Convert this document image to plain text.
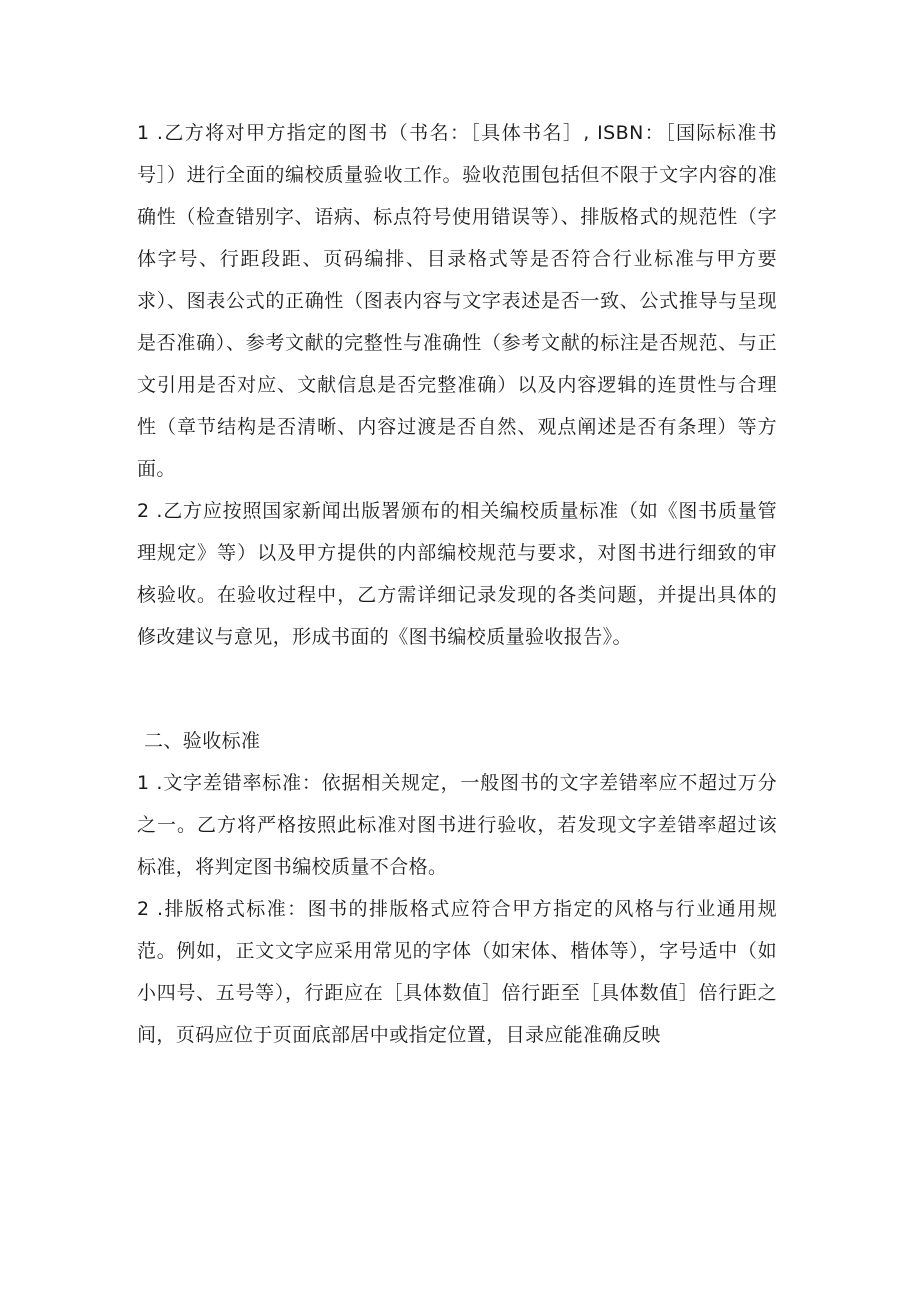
1 .乙方将对甲方指定的图书（书名：［具体书名］, ISBN：［国际标准书号］）进行全面的编校质量验收工作。验收范围包括但不限于文字内容的准确性（检查错别字、语病、标点符号使用错误等）、排版格式的规范性（字体字号、行距段距、页码编排、目录格式等是否符合行业标准与甲方要求）、图表公式的正确性（图表内容与文字表述是否一致、公式推导与呈现是否准确）、参考文献的完整性与准确性（参考文献的标注是否规范、与正文引用是否对应、文献信息是否完整准确）以及内容逻辑的连贯性与合理性（章节结构是否清晰、内容过渡是否自然、观点阐述是否有条理）等方面。

2 .乙方应按照国家新闻出版署颁布的相关编校质量标准（如《图书质量管理规定》等）以及甲方提供的内部编校规范与要求，对图书进行细致的审核验收。在验收过程中，乙方需详细记录发现的各类问题，并提出具体的修改建议与意见，形成书面的《图书编校质量验收报告》。

二、验收标准

1 .文字差错率标准：依据相关规定，一般图书的文字差错率应不超过万分之一。乙方将严格按照此标准对图书进行验收，若发现文字差错率超过该标准，将判定图书编校质量不合格。

2 .排版格式标准：图书的排版格式应符合甲方指定的风格与行业通用规范。例如，正文文字应采用常见的字体（如宋体、楷体等），字号适中（如小四号、五号等），行距应在［具体数值］倍行距至［具体数值］倍行距之间，页码应位于页面底部居中或指定位置，目录应能准确反映
